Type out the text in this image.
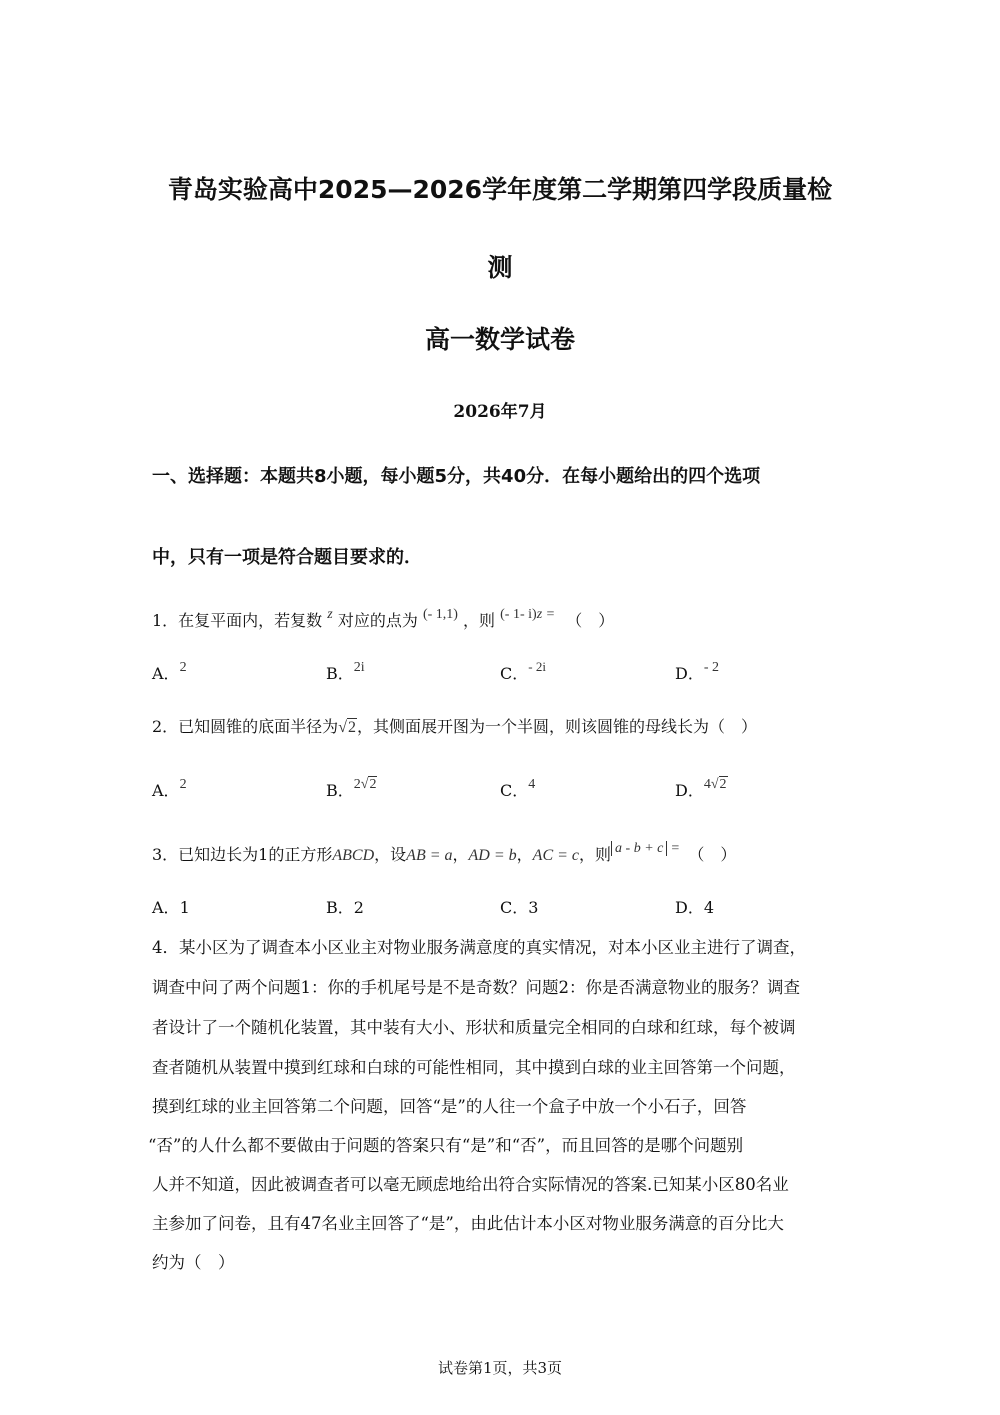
青岛实验高中2025—2026学年度第二学期第四学段质量检
测
高一数学试卷
2026年7月
一、选择题：本题共8小题，每小题5分，共40分．在每小题给出的四个选项
中，只有一项是符合题目要求的．
1．在复平面内，若复数 z 对应的点为 (- 1,1) ，则 (- 1- i)z = （　）
A．2	B．2i	C．$^{- 2i}$	D．- 2
2．已知圆锥的底面半径为√2，其侧面展开图为一个半圆，则该圆锥的母线长为（　）
A．2	B．2√2	C．4	D．4√2
3．已知边长为1的正方形ABCD，设AB = a，AD = b，AC = c，则 a - b + c = （　）
A．1	B．2	C．3	D．4
4．某小区为了调查本小区业主对物业服务满意度的真实情况，对本小区业主进行了调查，
调查中问了两个问题1：你的手机尾号是不是奇数？问题2：你是否满意物业的服务？调查
者设计了一个随机化装置，其中装有大小、形状和质量完全相同的白球和红球，每个被调
查者随机从装置中摸到红球和白球的可能性相同，其中摸到白球的业主回答第一个问题，
摸到红球的业主回答第二个问题，回答“是”的人往一个盒子中放一个小石子，回答
“否”的人什么都不要做由于问题的答案只有“是”和“否”，而且回答的是哪个问题别
人并不知道，因此被调查者可以毫无顾虑地给出符合实际情况的答案.已知某小区80名业
主参加了问卷，且有47名业主回答了“是”，由此估计本小区对物业服务满意的百分比大
约为（　）
试卷第1页，共3页
